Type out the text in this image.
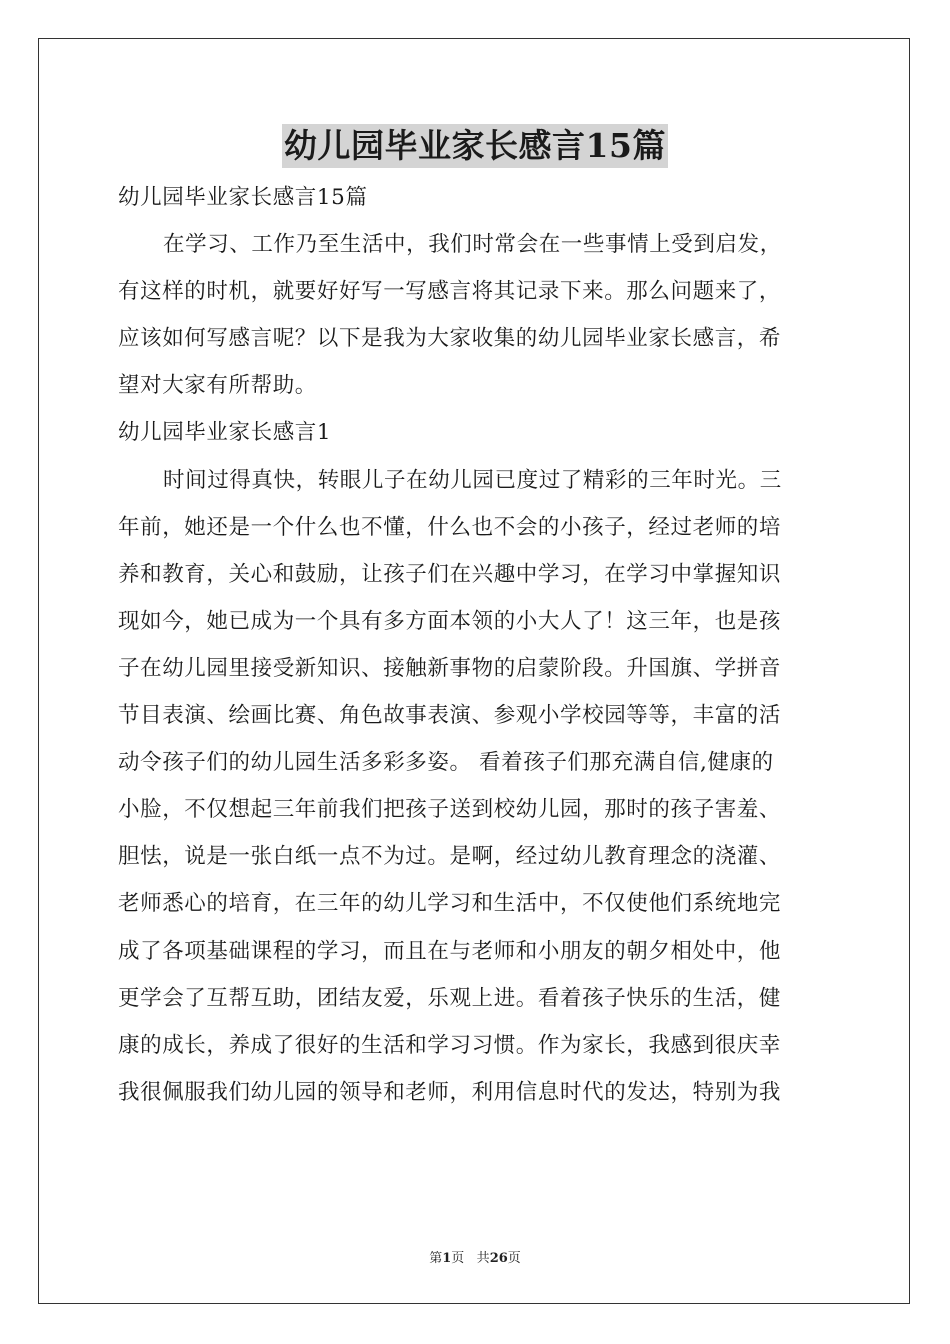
幼儿园毕业家长感言15篇
幼儿园毕业家长感言15篇
在学习、工作乃至生活中，我们时常会在一些事情上受到启发，
有这样的时机，就要好好写一写感言将其记录下来。那么问题来了，
应该如何写感言呢？以下是我为大家收集的幼儿园毕业家长感言，希
望对大家有所帮助。
幼儿园毕业家长感言1
时间过得真快，转眼儿子在幼儿园已度过了精彩的三年时光。三
年前，她还是一个什么也不懂，什么也不会的小孩子，经过老师的培
养和教育，关心和鼓励，让孩子们在兴趣中学习，在学习中掌握知识
现如今，她已成为一个具有多方面本领的小大人了！这三年，也是孩
子在幼儿园里接受新知识、接触新事物的启蒙阶段。升国旗、学拼音
节目表演、绘画比赛、角色故事表演、参观小学校园等等，丰富的活
动令孩子们的幼儿园生活多彩多姿。 看着孩子们那充满自信,健康的
小脸，不仅想起三年前我们把孩子送到校幼儿园，那时的孩子害羞、
胆怯，说是一张白纸一点不为过。是啊，经过幼儿教育理念的浇灌、
老师悉心的培育，在三年的幼儿学习和生活中，不仅使他们系统地完
成了各项基础课程的学习，而且在与老师和小朋友的朝夕相处中，他
更学会了互帮互助，团结友爱，乐观上进。看着孩子快乐的生活，健
康的成长，养成了很好的生活和学习习惯。作为家长，我感到很庆幸
我很佩服我们幼儿园的领导和老师，利用信息时代的发达，特别为我
第1页 共26页
